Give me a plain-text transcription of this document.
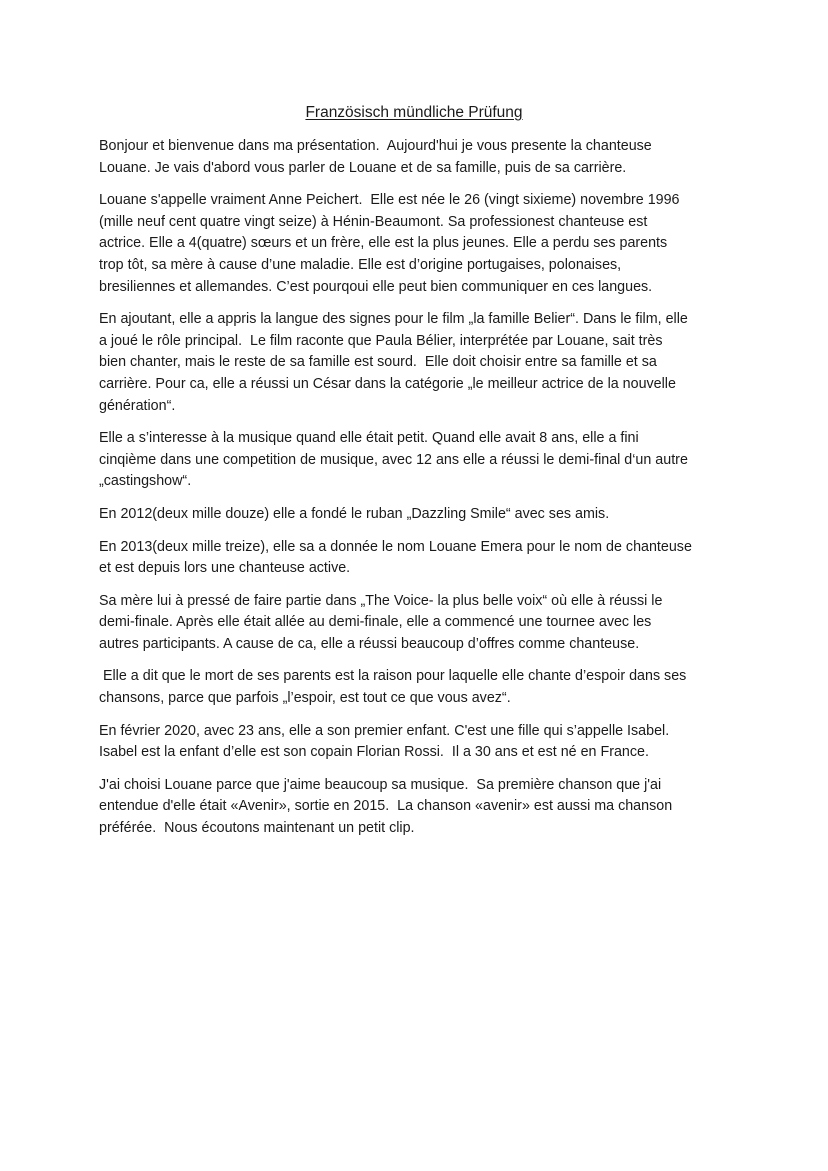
Französisch mündliche Prüfung

Bonjour et bienvenue dans ma présentation.  Aujourd'hui je vous presente la chanteuse
Louane. Je vais d'abord vous parler de Louane et de sa famille, puis de sa carrière.

Louane s'appelle vraiment Anne Peichert.  Elle est née le 26 (vingt sixieme) novembre 1996
(mille neuf cent quatre vingt seize) à Hénin-Beaumont. Sa professionest chanteuse est
actrice. Elle a 4(quatre) sœurs et un frère, elle est la plus jeunes. Elle a perdu ses parents
trop tôt, sa mère à cause d’une maladie. Elle est d’origine portugaises, polonaises,
bresiliennes et allemandes. C’est pourqoui elle peut bien communiquer en ces langues.

En ajoutant, elle a appris la langue des signes pour le film „la famille Belier“. Dans le film, elle
a joué le rôle principal.  Le film raconte que Paula Bélier, interprétée par Louane, sait très
bien chanter, mais le reste de sa famille est sourd.  Elle doit choisir entre sa famille et sa
carrière. Pour ca, elle a réussi un César dans la catégorie „le meilleur actrice de la nouvelle
génération“.

Elle a s’interesse à la musique quand elle était petit. Quand elle avait 8 ans, elle a fini
cinqième dans une competition de musique, avec 12 ans elle a réussi le demi-final d‘un autre
„castingshow“.

En 2012(deux mille douze) elle a fondé le ruban „Dazzling Smile“ avec ses amis.

En 2013(deux mille treize), elle sa a donnée le nom Louane Emera pour le nom de chanteuse
et est depuis lors une chanteuse active.

Sa mère lui à pressé de faire partie dans „The Voice- la plus belle voix“ où elle à réussi le
demi-finale. Après elle était allée au demi-finale, elle a commencé une tournee avec les
autres participants. A cause de ca, elle a réussi beaucoup d’offres comme chanteuse.

Elle a dit que le mort de ses parents est la raison pour laquelle elle chante d’espoir dans ses
chansons, parce que parfois „l’espoir, est tout ce que vous avez“.

En février 2020, avec 23 ans, elle a son premier enfant. C'est une fille qui s’appelle Isabel.
Isabel est la enfant d’elle est son copain Florian Rossi.  Il a 30 ans et est né en France.

J'ai choisi Louane parce que j'aime beaucoup sa musique.  Sa première chanson que j'ai
entendue d'elle était «Avenir», sortie en 2015.  La chanson «avenir» est aussi ma chanson
préférée.  Nous écoutons maintenant un petit clip.
